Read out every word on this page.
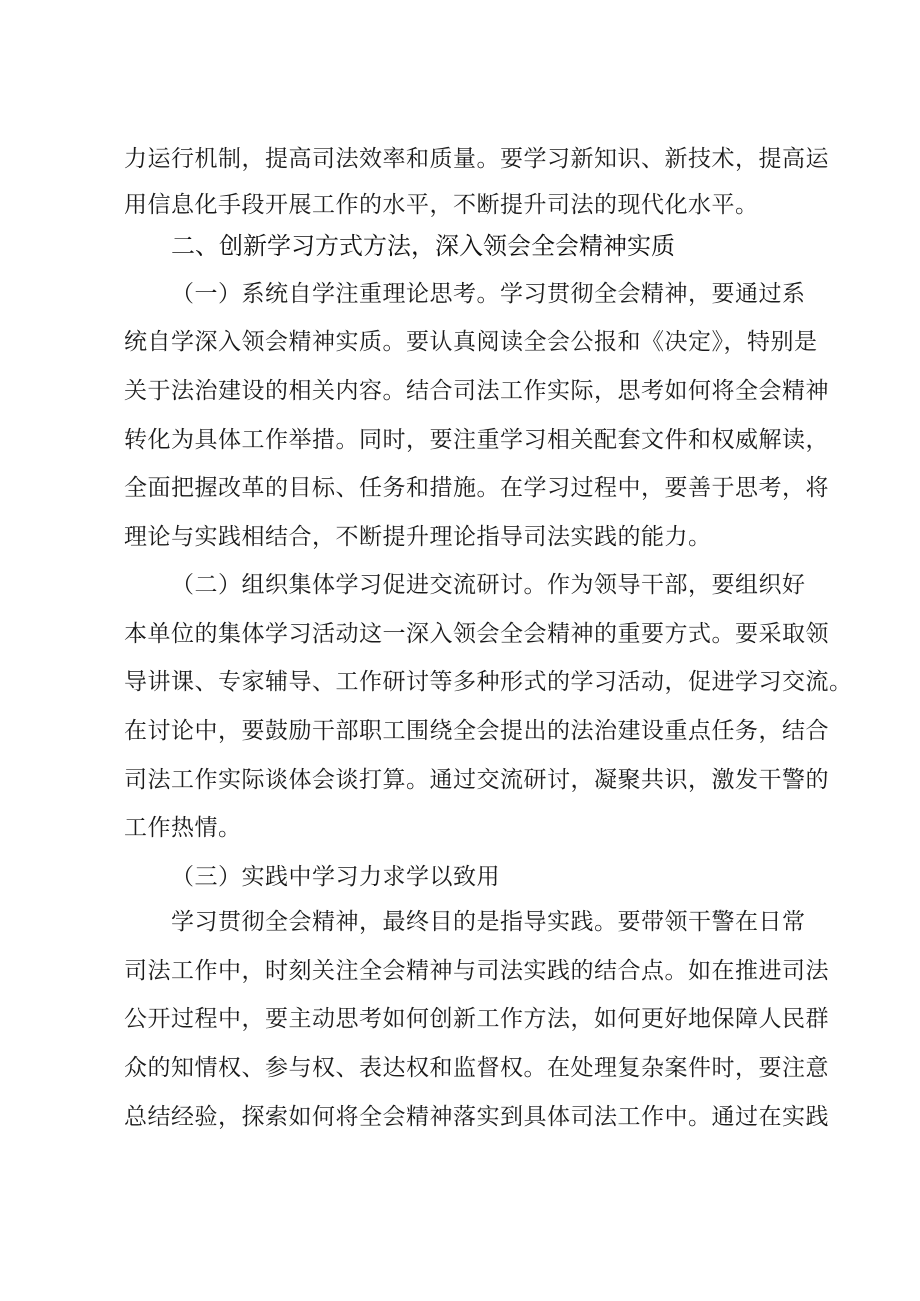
力运行机制，提高司法效率和质量。要学习新知识、新技术，提高运

用信息化手段开展工作的水平，不断提升司法的现代化水平。

二、创新学习方式方法，深入领会全会精神实质

（一）系统自学注重理论思考。学习贯彻全会精神，要通过系

统自学深入领会精神实质。要认真阅读全会公报和《决定》，特别是

关于法治建设的相关内容。结合司法工作实际，思考如何将全会精神

转化为具体工作举措。同时，要注重学习相关配套文件和权威解读，

全面把握改革的目标、任务和措施。在学习过程中，要善于思考，将

理论与实践相结合，不断提升理论指导司法实践的能力。

（二）组织集体学习促进交流研讨。作为领导干部，要组织好

本单位的集体学习活动这一深入领会全会精神的重要方式。要采取领

导讲课、专家辅导、工作研讨等多种形式的学习活动，促进学习交流。

在讨论中，要鼓励干部职工围绕全会提出的法治建设重点任务，结合

司法工作实际谈体会谈打算。通过交流研讨，凝聚共识，激发干警的

工作热情。

（三）实践中学习力求学以致用

学习贯彻全会精神，最终目的是指导实践。要带领干警在日常

司法工作中，时刻关注全会精神与司法实践的结合点。如在推进司法

公开过程中，要主动思考如何创新工作方法，如何更好地保障人民群

众的知情权、参与权、表达权和监督权。在处理复杂案件时，要注意

总结经验，探索如何将全会精神落实到具体司法工作中。通过在实践
